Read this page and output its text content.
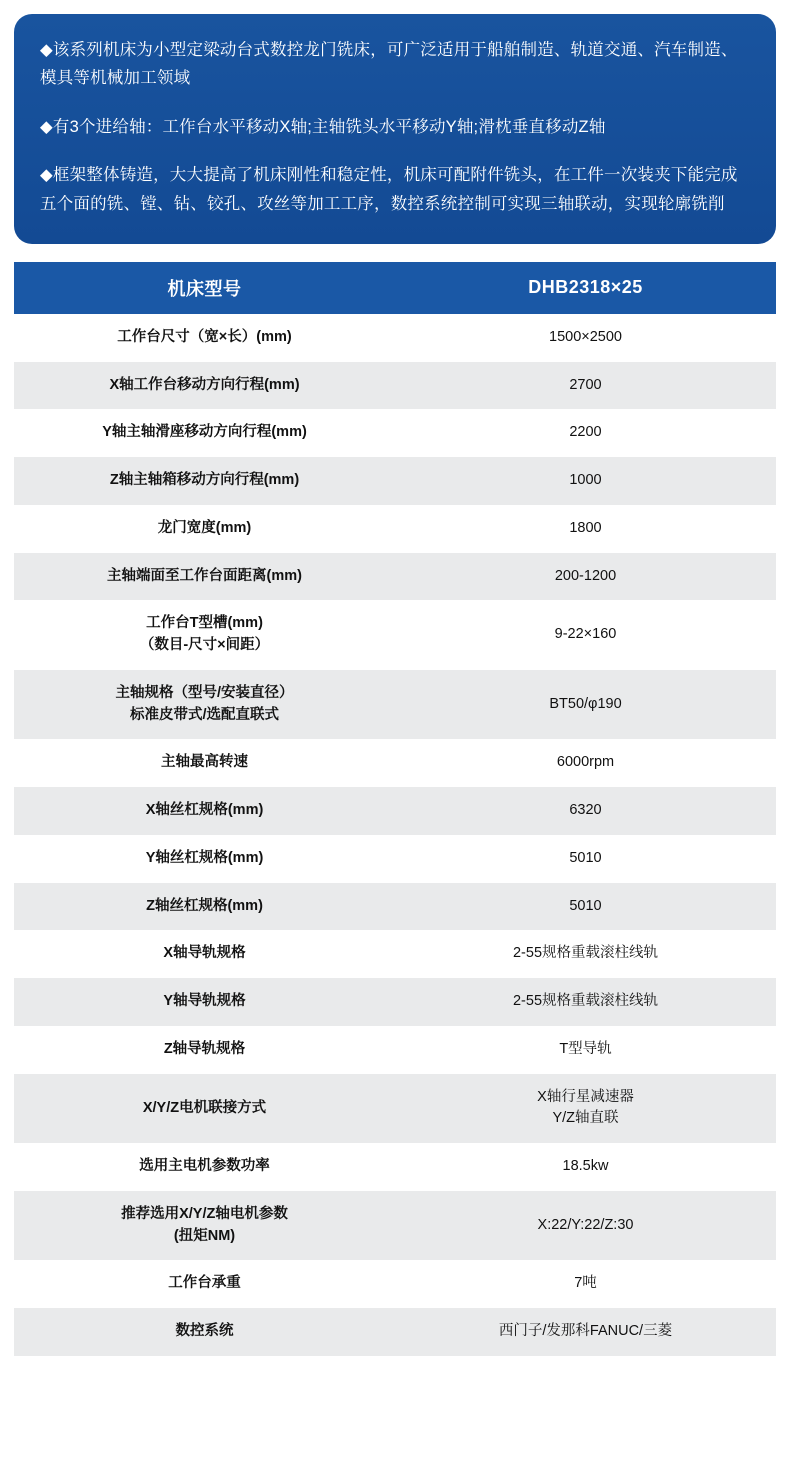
◆该系列机床为小型定梁动台式数控龙门铣床，可广泛适用于船舶制造、轨道交通、汽车制造、模具等机械加工领域

◆有3个进给轴：工作台水平移动X轴;主轴铣头水平移动Y轴;滑枕垂直移动Z轴

◆框架整体铸造，大大提高了机床刚性和稳定性，机床可配附件铣头，在工件一次装夹下能完成五个面的铣、镗、钻、铰孔、攻丝等加工工序，数控系统控制可实现三轴联动，实现轮廓铣削

机床型号	DHB2318×25

工作台尺寸（宽×长）(mm)	1500×2500

X轴工作台移动方向行程(mm)	2700

Y轴主轴滑座移动方向行程(mm)	2200

Z轴主轴箱移动方向行程(mm)	1000

龙门宽度(mm)	1800

主轴端面至工作台面距离(mm)	200-1200

工作台T型槽(mm)
（数目-尺寸×间距）	9-22×160

主轴规格（型号/安装直径）
标准皮带式/选配直联式	BT50/φ190

主轴最高转速	6000rpm

X轴丝杠规格(mm)	6320

Y轴丝杠规格(mm)	5010

Z轴丝杠规格(mm)	5010

X轴导轨规格	2-55规格重载滚柱线轨

Y轴导轨规格	2-55规格重载滚柱线轨

Z轴导轨规格	T型导轨

X/Y/Z电机联接方式	X轴行星减速器
Y/Z轴直联

选用主电机参数功率	18.5kw

推荐选用X/Y/Z轴电机参数
(扭矩NM)	X:22/Y:22/Z:30

工作台承重	7吨

数控系统	西门子/发那科FANUC/三菱
